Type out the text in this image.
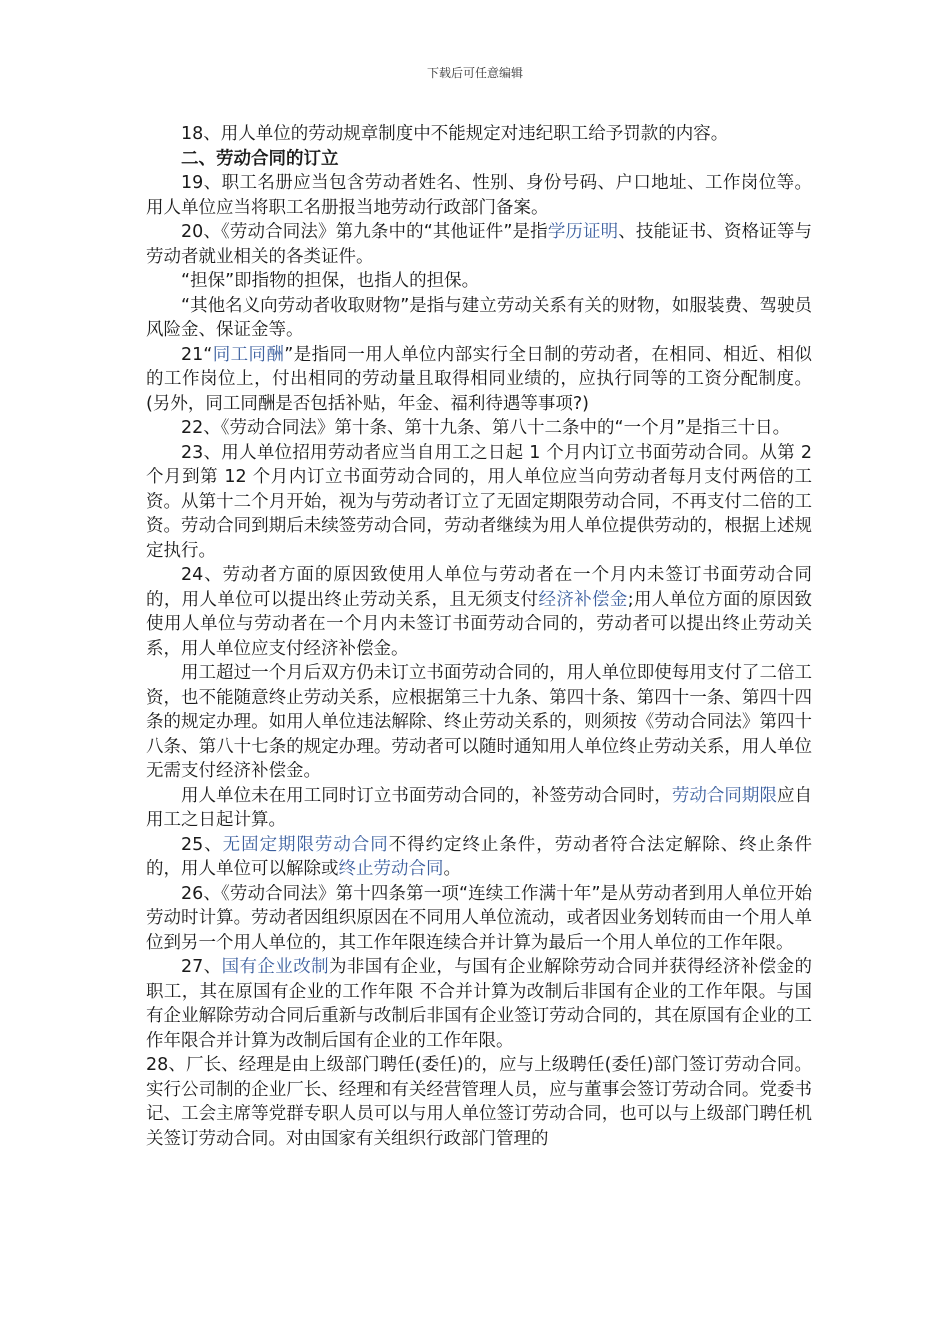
下载后可任意编辑

18、用人单位的劳动规章制度中不能规定对违纪职工给予罚款的内容。

二、劳动合同的订立

19、职工名册应当包含劳动者姓名、性别、身份号码、户口地址、工作岗位等。用人单位应当将职工名册报当地劳动行政部门备案。

20、《劳动合同法》第九条中的“其他证件”是指学历证明、技能证书、资格证等与劳动者就业相关的各类证件。

“担保”即指物的担保，也指人的担保。

“其他名义向劳动者收取财物”是指与建立劳动关系有关的财物，如服装费、驾驶员风险金、保证金等。

21“同工同酬”是指同一用人单位内部实行全日制的劳动者，在相同、相近、相似的工作岗位上，付出相同的劳动量且取得相同业绩的，应执行同等的工资分配制度。(另外，同工同酬是否包括补贴，年金、福利待遇等事项?)

22、《劳动合同法》第十条、第十九条、第八十二条中的“一个月”是指三十日。

23、用人单位招用劳动者应当自用工之日起 1 个月内订立书面劳动合同。从第 2 个月到第 12 个月内订立书面劳动合同的，用人单位应当向劳动者每月支付两倍的工资。从第十二个月开始，视为与劳动者订立了无固定期限劳动合同，不再支付二倍的工资。劳动合同到期后未续签劳动合同，劳动者继续为用人单位提供劳动的，根据上述规定执行。

24、劳动者方面的原因致使用人单位与劳动者在一个月内未签订书面劳动合同的，用人单位可以提出终止劳动关系，且无须支付经济补偿金;用人单位方面的原因致使用人单位与劳动者在一个月内未签订书面劳动合同的，劳动者可以提出终止劳动关系，用人单位应支付经济补偿金。

用工超过一个月后双方仍未订立书面劳动合同的，用人单位即使每用支付了二倍工资，也不能随意终止劳动关系，应根据第三十九条、第四十条、第四十一条、第四十四条的规定办理。如用人单位违法解除、终止劳动关系的，则须按《劳动合同法》第四十八条、第八十七条的规定办理。劳动者可以随时通知用人单位终止劳动关系，用人单位无需支付经济补偿金。

用人单位未在用工同时订立书面劳动合同的，补签劳动合同时，劳动合同期限应自用工之日起计算。

25、无固定期限劳动合同不得约定终止条件，劳动者符合法定解除、终止条件的，用人单位可以解除或终止劳动合同。

26、《劳动合同法》第十四条第一项“连续工作满十年”是从劳动者到用人单位开始劳动时计算。劳动者因组织原因在不同用人单位流动，或者因业务划转而由一个用人单位到另一个用人单位的，其工作年限连续合并计算为最后一个用人单位的工作年限。

27、国有企业改制为非国有企业，与国有企业解除劳动合同并获得经济补偿金的职工，其在原国有企业的工作年限 不合并计算为改制后非国有企业的工作年限。与国有企业解除劳动合同后重新与改制后非国有企业签订劳动合同的，其在原国有企业的工作年限合并计算为改制后国有企业的工作年限。

28、厂长、经理是由上级部门聘任(委任)的，应与上级聘任(委任)部门签订劳动合同。实行公司制的企业厂长、经理和有关经营管理人员，应与董事会签订劳动合同。党委书记、工会主席等党群专职人员可以与用人单位签订劳动合同，也可以与上级部门聘任机关签订劳动合同。对由国家有关组织行政部门管理的
